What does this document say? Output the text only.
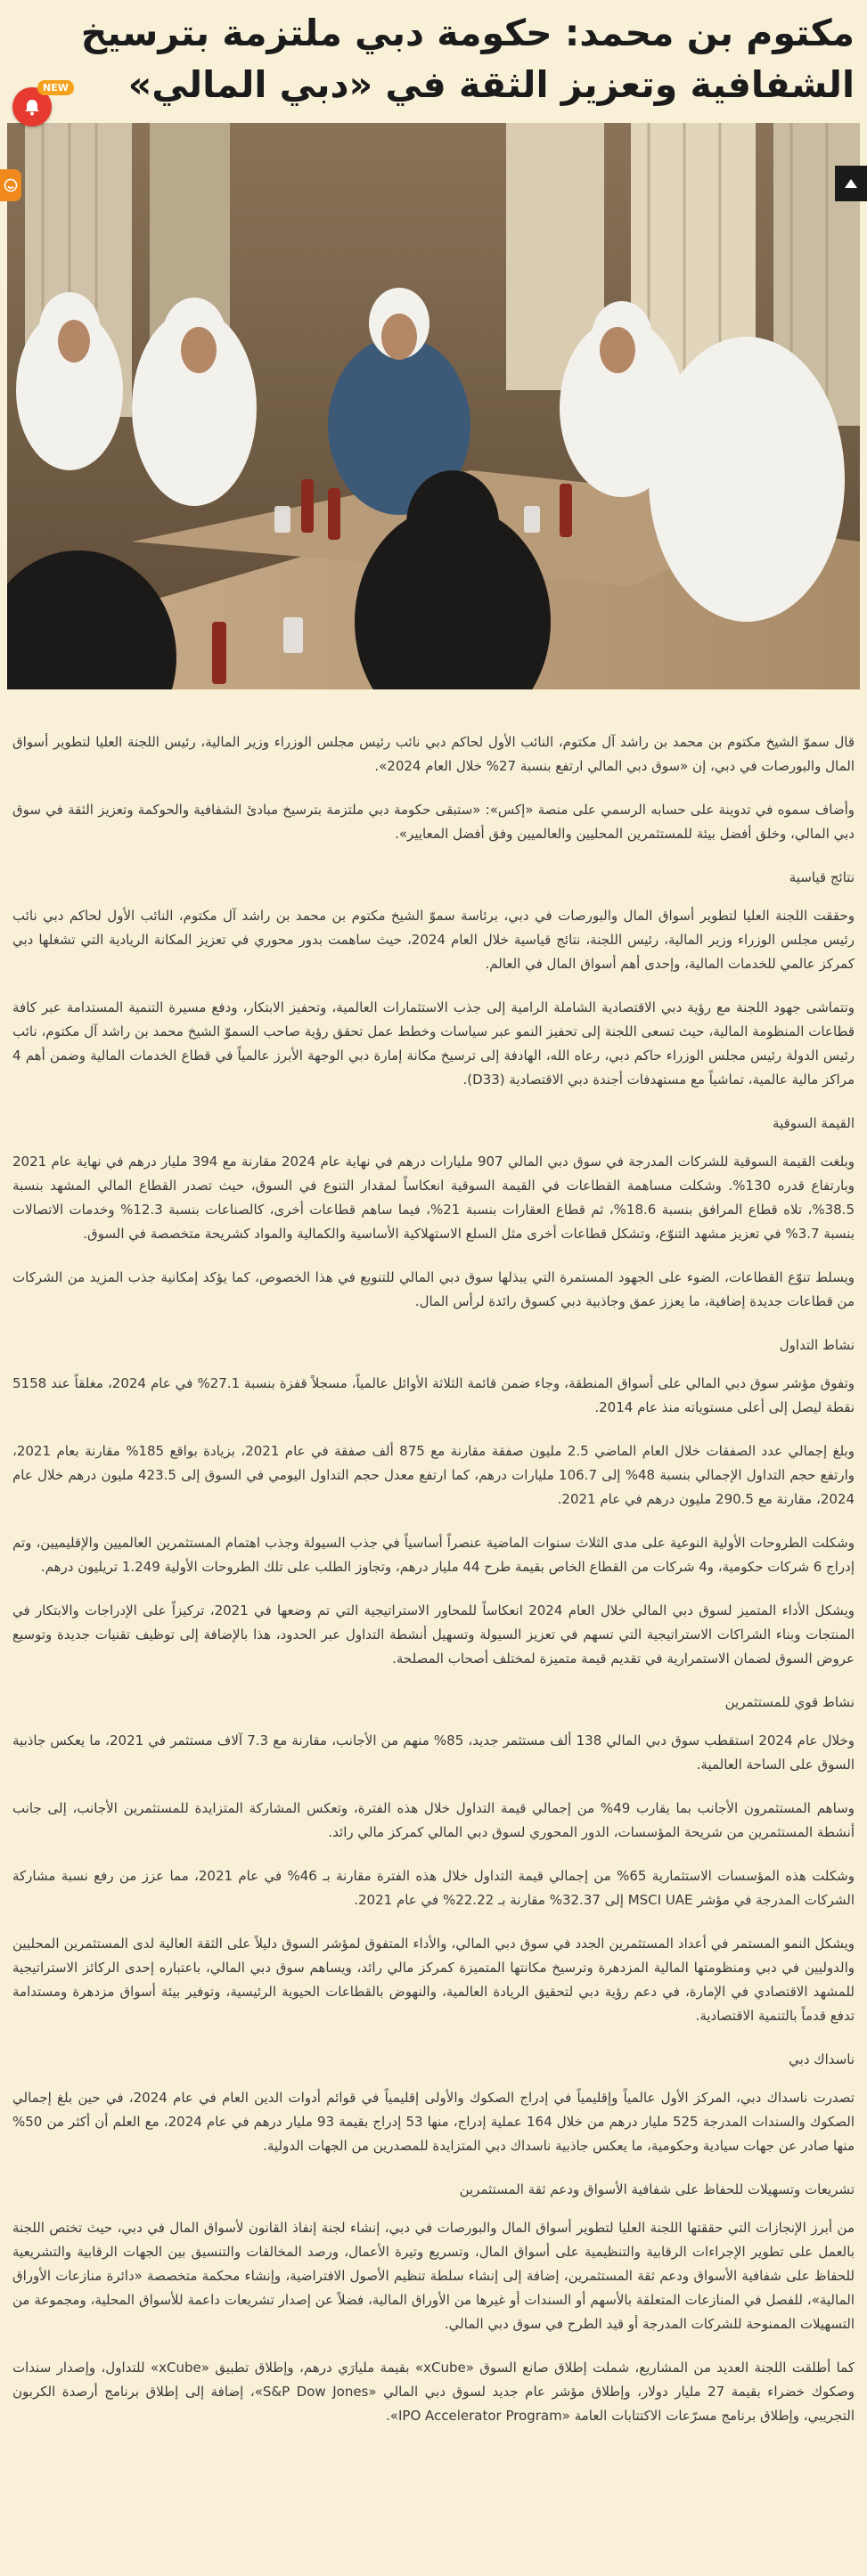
مكتوم بن محمد: حكومة دبي ملتزمة بترسيخ الشفافية وتعزيز الثقة في «دبي المالي»
NEW

قال سموّ الشيخ مكتوم بن محمد بن راشد آل مكتوم، النائب الأول لحاكم دبي نائب رئيس مجلس الوزراء وزير المالية، رئيس اللجنة العليا لتطوير أسواق المال والبورصات في دبي، إن «سوق دبي المالي ارتفع بنسبة 27% خلال العام 2024».

وأضاف سموه في تدوينة على حسابه الرسمي على منصة «إكس»: «ستبقى حكومة دبي ملتزمة بترسيخ مبادئ الشفافية والحوكمة وتعزيز الثقة في سوق دبي المالي، وخلق أفضل بيئة للمستثمرين المحليين والعالميين وفق أفضل المعايير».

نتائج قياسية

وحققت اللجنة العليا لتطوير أسواق المال والبورصات في دبي، برئاسة سموّ الشيخ مكتوم بن محمد بن راشد آل مكتوم، النائب الأول لحاكم دبي نائب رئيس مجلس الوزراء وزير المالية، رئيس اللجنة، نتائج قياسية خلال العام 2024، حيث ساهمت بدور محوري في تعزيز المكانة الريادية التي تشغلها دبي كمركز عالمي للخدمات المالية، وإحدى أهم أسواق المال في العالم.

وتتماشى جهود اللجنة مع رؤية دبي الاقتصادية الشاملة الرامية إلى جذب الاستثمارات العالمية، وتحفيز الابتكار، ودفع مسيرة التنمية المستدامة عبر كافة قطاعات المنظومة المالية، حيث تسعى اللجنة إلى تحفيز النمو عبر سياسات وخطط عمل تحقق رؤية صاحب السموّ الشيخ محمد بن راشد آل مكتوم، نائب رئيس الدولة رئيس مجلس الوزراء حاكم دبي، رعاه الله، الهادفة إلى ترسيخ مكانة إمارة دبي الوجهة الأبرز عالمياً في قطاع الخدمات المالية وضمن أهم 4 مراكز مالية عالمية، تماشياً مع مستهدفات أجندة دبي الاقتصادية (D33).

القيمة السوقية

وبلغت القيمة السوقية للشركات المدرجة في سوق دبي المالي 907 مليارات درهم في نهاية عام 2024 مقارنة مع 394 مليار درهم في نهاية عام 2021 وبارتفاع قدره 130%. وشكلت مساهمة القطاعات في القيمة السوقية انعكاساً لمقدار التنوع في السوق، حيث تصدر القطاع المالي المشهد بنسبة 38.5%، تلاه قطاع المرافق بنسبة 18.6%، ثم قطاع العقارات بنسبة 21%، فيما ساهم قطاعات أخرى، كالصناعات بنسبة 12.3% وخدمات الاتصالات بنسبة 3.7% في تعزيز مشهد التنوّع، وتشكل قطاعات أخرى مثل السلع الاستهلاكية الأساسية والكمالية والمواد كشريحة متخصصة في السوق.

ويسلط تنوّع القطاعات، الضوء على الجهود المستمرة التي يبذلها سوق دبي المالي للتنويع في هذا الخصوص، كما يؤكد إمكانية جذب المزيد من الشركات من قطاعات جديدة إضافية، ما يعزز عمق وجاذبية دبي كسوق رائدة لرأس المال.

نشاط التداول

وتفوق مؤشر سوق دبي المالي على أسواق المنطقة، وجاء ضمن قائمة الثلاثة الأوائل عالمياً، مسجلاً قفزة بنسبة 27.1% في عام 2024، مغلقاً عند 5158 نقطة ليصل إلى أعلى مستوياته منذ عام 2014.

وبلغ إجمالي عدد الصفقات خلال العام الماضي 2.5 مليون صفقة مقارنة مع 875 ألف صفقة في عام 2021، بزيادة بواقع 185% مقارنة بعام 2021، وارتفع حجم التداول الإجمالي بنسبة 48% إلى 106.7 مليارات درهم، كما ارتفع معدل حجم التداول اليومي في السوق إلى 423.5 مليون درهم خلال عام 2024، مقارنة مع 290.5 مليون درهم في عام 2021.

وشكلت الطروحات الأولية النوعية على مدى الثلاث سنوات الماضية عنصراً أساسياً في جذب السيولة وجذب اهتمام المستثمرين العالميين والإقليميين، وتم إدراج 6 شركات حكومية، و4 شركات من القطاع الخاص بقيمة طرح 44 مليار درهم، وتجاوز الطلب على تلك الطروحات الأولية 1.249 تريليون درهم.

ويشكل الأداء المتميز لسوق دبي المالي خلال العام 2024 انعكاساً للمحاور الاستراتيجية التي تم وضعها في 2021، تركيزاً على الإدراجات والابتكار في المنتجات وبناء الشراكات الاستراتيجية التي تسهم في تعزيز السيولة وتسهيل أنشطة التداول عبر الحدود، هذا بالإضافة إلى توظيف تقنيات جديدة وتوسيع عروض السوق لضمان الاستمرارية في تقديم قيمة متميزة لمختلف أصحاب المصلحة.

نشاط قوي للمستثمرين

وخلال عام 2024 استقطب سوق دبي المالي 138 ألف مستثمر جديد، 85% منهم من الأجانب، مقارنة مع 7.3 آلاف مستثمر في 2021، ما يعكس جاذبية السوق على الساحة العالمية.

وساهم المستثمرون الأجانب بما يقارب 49% من إجمالي قيمة التداول خلال هذه الفترة، وتعكس المشاركة المتزايدة للمستثمرين الأجانب، إلى جانب أنشطة المستثمرين من شريحة المؤسسات، الدور المحوري لسوق دبي المالي كمركز مالي رائد.

وشكلت هذه المؤسسات الاستثمارية 65% من إجمالي قيمة التداول خلال هذه الفترة مقارنة بـ 46% في عام 2021، مما عزز من رفع نسبة مشاركة الشركات المدرجة في مؤشر MSCI UAE إلى 32.37% مقارنة بـ 22.22% في عام 2021.

ويشكل النمو المستمر في أعداد المستثمرين الجدد في سوق دبي المالي، والأداء المتفوق لمؤشر السوق دليلاً على الثقة العالية لدى المستثمرين المحليين والدوليين في دبي ومنظومتها المالية المزدهرة وترسيخ مكانتها المتميزة كمركز مالي رائد، ويساهم سوق دبي المالي، باعتباره إحدى الركائز الاستراتيجية للمشهد الاقتصادي في الإمارة، في دعم رؤية دبي لتحقيق الريادة العالمية، والنهوض بالقطاعات الحيوية الرئيسية، وتوفير بيئة أسواق مزدهرة ومستدامة تدفع قدماً بالتنمية الاقتصادية.

ناسداك دبي

تصدرت ناسداك دبي، المركز الأول عالمياً وإقليمياً في إدراج الصكوك والأولى إقليمياً في قوائم أدوات الدين العام في عام 2024، في حين بلغ إجمالي الصكوك والسندات المدرجة 525 مليار درهم من خلال 164 عملية إدراج، منها 53 إدراج بقيمة 93 مليار درهم في عام 2024، مع العلم أن أكثر من 50% منها صادر عن جهات سيادية وحكومية، ما يعكس جاذبية ناسداك دبي المتزايدة للمصدرين من الجهات الدولية.

تشريعات وتسهيلات للحفاظ على شفافية الأسواق ودعم ثقة المستثمرين

من أبرز الإنجازات التي حققتها اللجنة العليا لتطوير أسواق المال والبورصات في دبي، إنشاء لجنة إنفاذ القانون لأسواق المال في دبي، حيث تختص اللجنة بالعمل على تطوير الإجراءات الرقابية والتنظيمية على أسواق المال، وتسريع وتيرة الأعمال، ورصد المخالفات والتنسيق بين الجهات الرقابية والتشريعية للحفاظ على شفافية الأسواق ودعم ثقة المستثمرين، إضافة إلى إنشاء سلطة تنظيم الأصول الافتراضية، وإنشاء محكمة متخصصة «دائرة منازعات الأوراق المالية»، للفصل في المنازعات المتعلقة بالأسهم أو السندات أو غيرها من الأوراق المالية، فضلاً عن إصدار تشريعات داعمة للأسواق المحلية، ومجموعة من التسهيلات الممنوحة للشركات المدرجة أو قيد الطرح في سوق دبي المالي.

كما أطلقت اللجنة العديد من المشاريع، شملت إطلاق صانع السوق «xCube» بقيمة مليارَي درهم، وإطلاق تطبيق «xCube» للتداول، وإصدار سندات وصكوك خضراء بقيمة 27 مليار دولار، وإطلاق مؤشر عام جديد لسوق دبي المالي «S&P Dow Jones»، إضافة إلى إطلاق برنامج أرصدة الكربون التجريبي، وإطلاق برنامج مسرّعات الاكتتابات العامة «IPO Accelerator Program».
